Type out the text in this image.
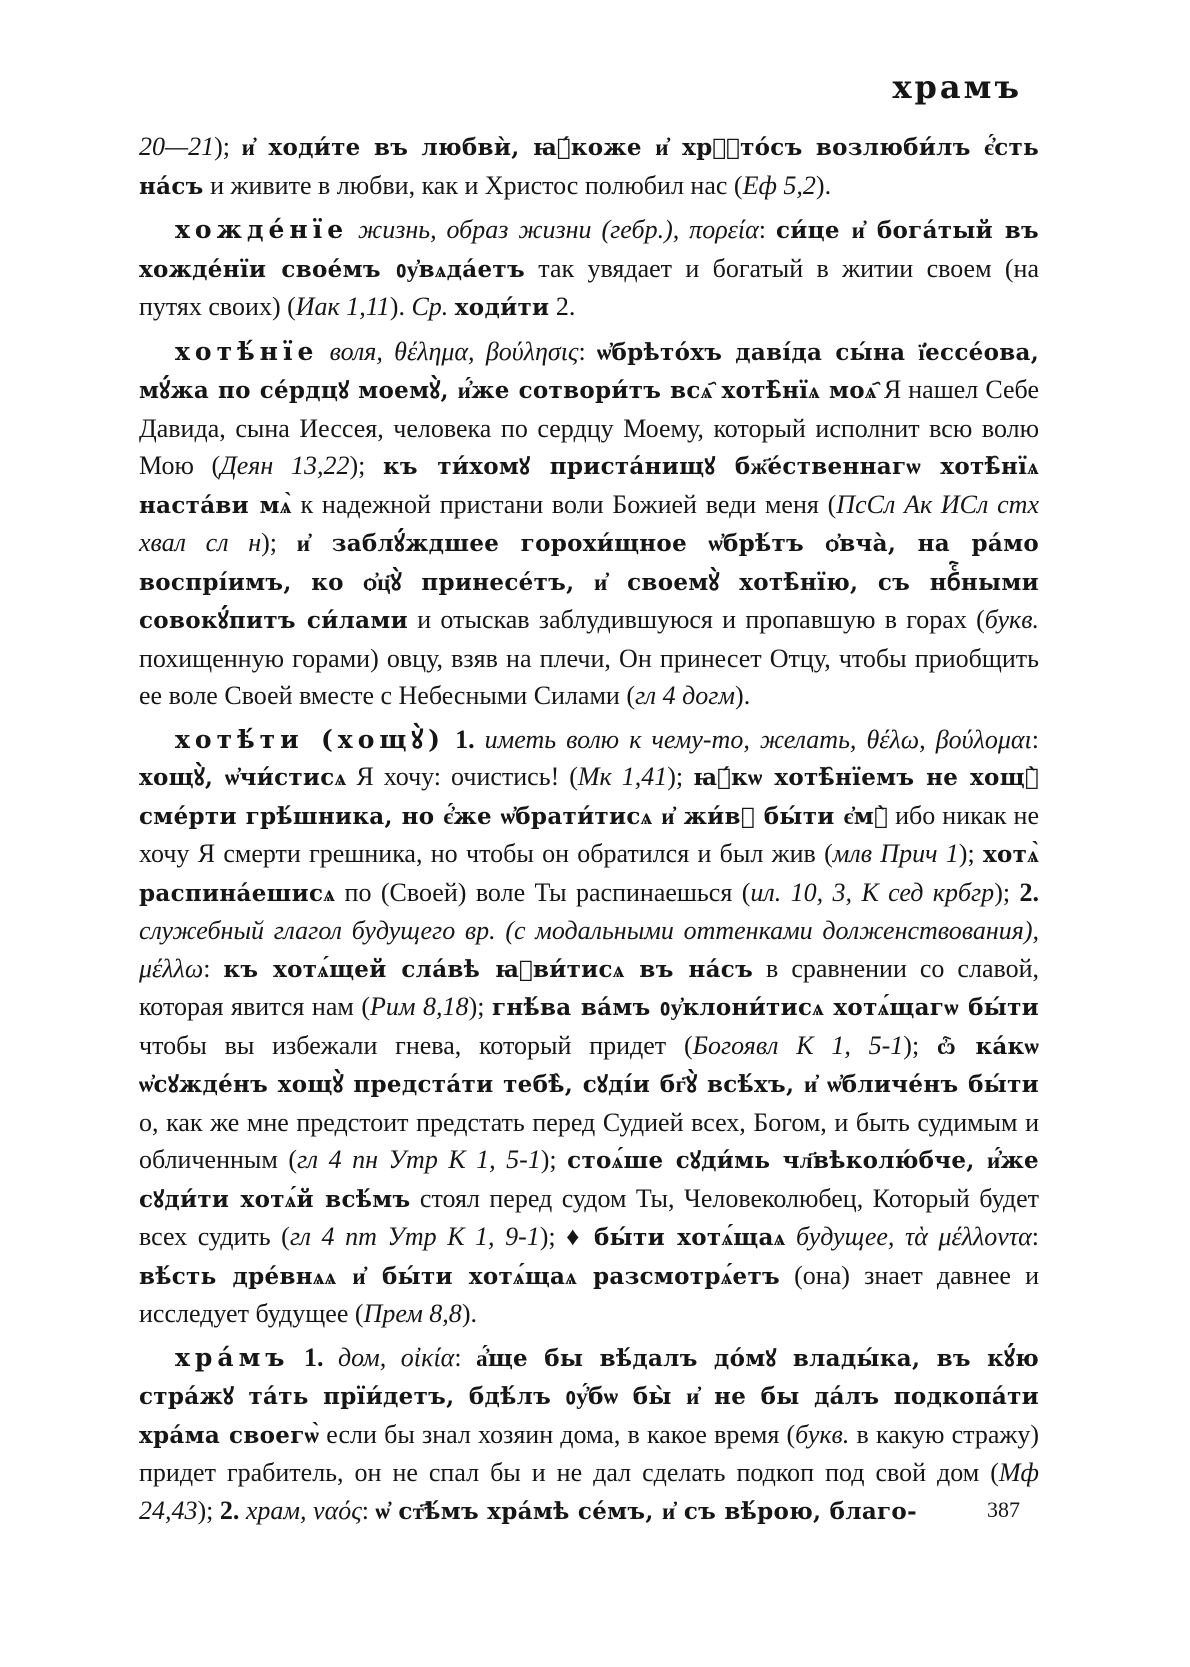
храмъ

20—21); и҆ ходи́те въ любвѝ, ꙗ҆́коже и҆ хрⷭ҇то́съ возлюби́лъ є҆́сть на́съ и живите в любви, как и Христос полюбил нас (Еф 5,2).

хожде́нїе жизнь, образ жизни (гебр.), πορεία: си́це и҆ бога́тый въ хожде́нїи свое́мъ ᲂу҆вѧда́етъ так увядает и богатый в житии своем (на путях своих) (Иак 1,11). Ср. ходи́ти 2.

хотѣ́нїе воля, θέλημα, βούλησις: ѡ҆брѣто́хъ даві́да сы́на ї҆ессе́ова, мꙋ́жа по се́рдцꙋ моемꙋ̀, и҆́же сотвори́тъ всѧ҄ хотѣ̑нїѧ моѧ҄ Я нашел Себе Давида, сына Иессея, человека по сердцу Моему, который исполнит всю волю Мою (Деян 13,22); къ ти́хомꙋ приста́нищꙋ бж҃е́ственнагѡ хотѣ̑нїѧ наста́ви мѧ̀ к надежной пристани воли Божией веди меня (ПсСл Ак ИСл стх хвал сл н); и҆ заблꙋ́ждшее горохи́щное ѡ҆брѣ́тъ ѻ҆вча̀, на ра́мо воспрі́имъ, ко ѻ҆ц҃ꙋ̀ принесе́тъ, и҆ своемꙋ̀ хотѣ̑нїю, съ нбⷭ҇ными совокꙋ́питъ си́лами и отыскав заблудившуюся и пропавшую в горах (букв. похищенную горами) овцу, взяв на плечи, Он принесет Отцу, чтобы приобщить ее воле Своей вместе с Небесными Силами (гл 4 догм).

хотѣ́ти (хощꙋ̀) 1. иметь волю к чему-то, желать, θέλω, βούλομαι: хощꙋ̀, ѡ҆чи́стисѧ Я хочу: очистись! (Мк 1,41); ꙗ҆́кѡ хотѣ̑нїемъ не хощꙋ̀ сме́рти грѣ́шника, но є҆́же ѡ҆брати́тисѧ и҆ жи́вꙋ бы́ти є҆мꙋ̀ ибо никак не хочу Я смерти грешника, но чтобы он обратился и был жив (млв Прич 1); хотѧ̀ распина́ешисѧ по (Своей) воле Ты распинаешься (ил. 10, 3, К сед крбгр); 2. служебный глагол будущего вр. (с модальными оттенками долженствования), μέλλω: къ хотѧ́щей сла́вѣ ꙗ҆ви́тисѧ въ на́съ в сравнении со славой, которая явится нам (Рим 8,18); гнѣ́ва ва́мъ ᲂу҆клони́тисѧ хотѧ́щагѡ бы́ти чтобы вы избежали гнева, который придет (Богоявл К 1, 5-1); ѽ ка́кѡ ѡ҆сꙋжде́нъ хощꙋ̀ предста́ти тебѣ̀, сꙋді́и бг҃ꙋ̀ всѣ́хъ, и҆ ѡ҆бличе́нъ бы́ти о, как же мне предстоит предстать перед Судией всех, Богом, и быть судимым и обличенным (гл 4 пн Утр К 1, 5-1); стоѧ́ше сꙋди́мь чл҃вѣколю́бче, и҆́же сꙋди́ти хотѧ́й всѣ́мъ стоял перед судом Ты, Человеколюбец, Который будет всех судить (гл 4 пт Утр К 1, 9-1); ♦ бы́ти хотѧ́щаѧ будущее, τὰ μέλλοντα: вѣ́сть дре́внѧѧ и҆ бы́ти хотѧ́щаѧ разсмотрѧ́етъ (она) знает давнее и исследует будущее (Прем 8,8).

хра́мъ 1. дом, οἰκία: а҆́ще бы вѣ́далъ до́мꙋ влады́ка, въ кꙋ́ю стра́жꙋ та́ть прїи́детъ, бдѣ́лъ ᲂу҆́бѡ бы̀ и҆ не бы да́лъ подкопа́ти хра́ма своегѡ̀ если бы знал хозяин дома, в какое время (букв. в какую стражу) придет грабитель, он не спал бы и не дал сделать подкоп под свой дом (Мф 24,43); 2. храм, ναός: ѡ҆ ст҃ѣ́мъ хра́мѣ се́мъ, и҆ съ вѣ́рою, благо-	387
